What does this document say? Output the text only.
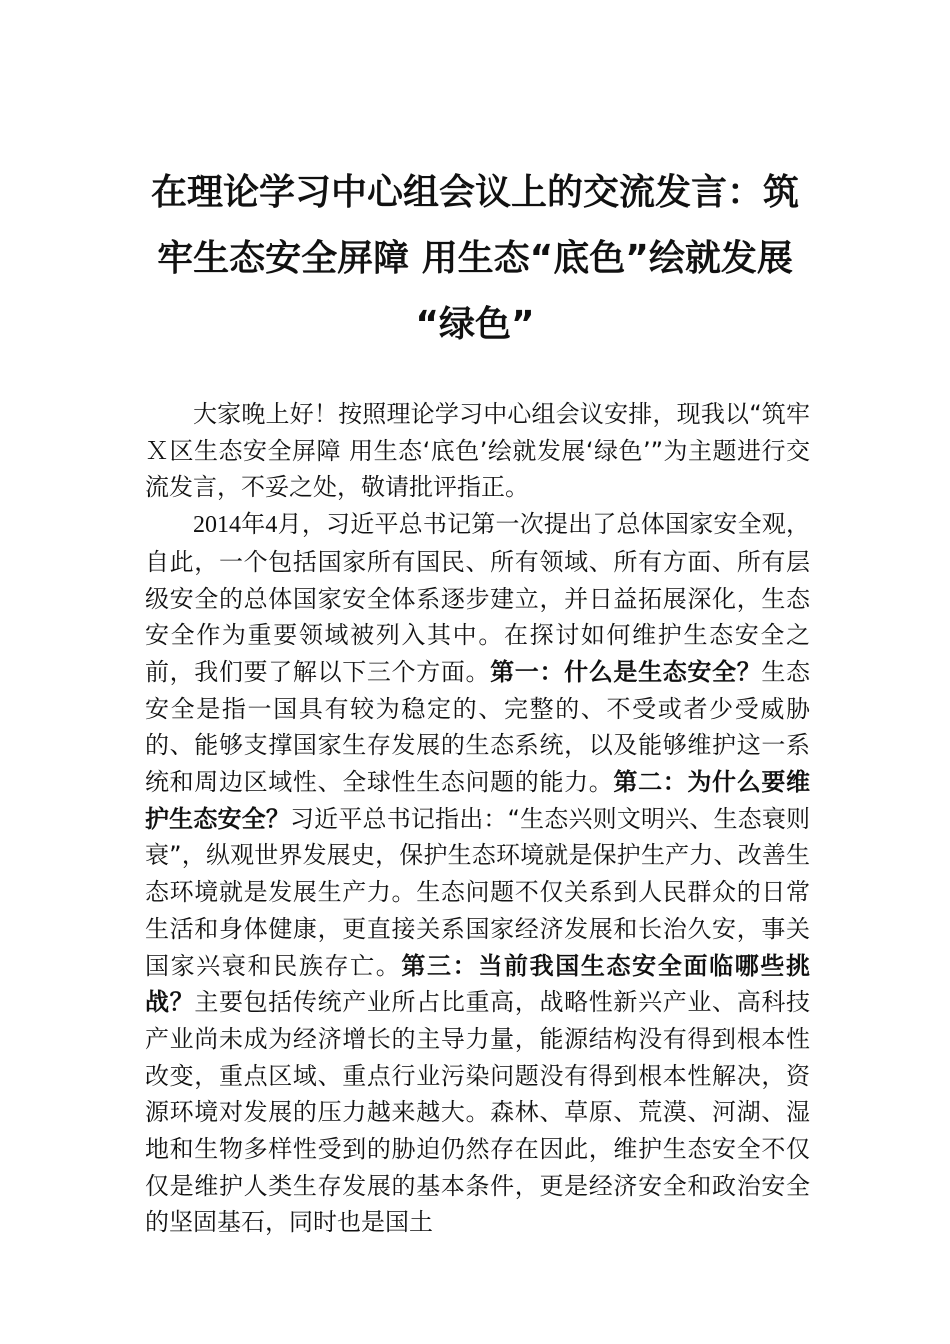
在理论学习中心组会议上的交流发言：筑
牢生态安全屏障 用生态“底色”绘就发展
“绿色”

大家晚上好！按照理论学习中心组会议安排，现我以“筑牢Ｘ区生态安全屏障 用生态‘底色’绘就发展‘绿色’”为主题进行交流发言，不妥之处，敬请批评指正。

2014年4月，习近平总书记第一次提出了总体国家安全观，自此，一个包括国家所有国民、所有领域、所有方面、所有层级安全的总体国家安全体系逐步建立，并日益拓展深化，生态安全作为重要领域被列入其中。在探讨如何维护生态安全之前，我们要了解以下三个方面。第一：什么是生态安全？生态安全是指一国具有较为稳定的、完整的、不受或者少受威胁的、能够支撑国家生存发展的生态系统，以及能够维护这一系统和周边区域性、全球性生态问题的能力。第二：为什么要维护生态安全？习近平总书记指出：“生态兴则文明兴、生态衰则衰”，纵观世界发展史，保护生态环境就是保护生产力、改善生态环境就是发展生产力。生态问题不仅关系到人民群众的日常生活和身体健康，更直接关系国家经济发展和长治久安，事关国家兴衰和民族存亡。第三：当前我国生态安全面临哪些挑战？主要包括传统产业所占比重高，战略性新兴产业、高科技产业尚未成为经济增长的主导力量，能源结构没有得到根本性改变，重点区域、重点行业污染问题没有得到根本性解决，资源环境对发展的压力越来越大。森林、草原、荒漠、河湖、湿地和生物多样性受到的胁迫仍然存在因此，维护生态安全不仅仅是维护人类生存发展的基本条件，更是经济安全和政治安全的坚固基石，同时也是国土
